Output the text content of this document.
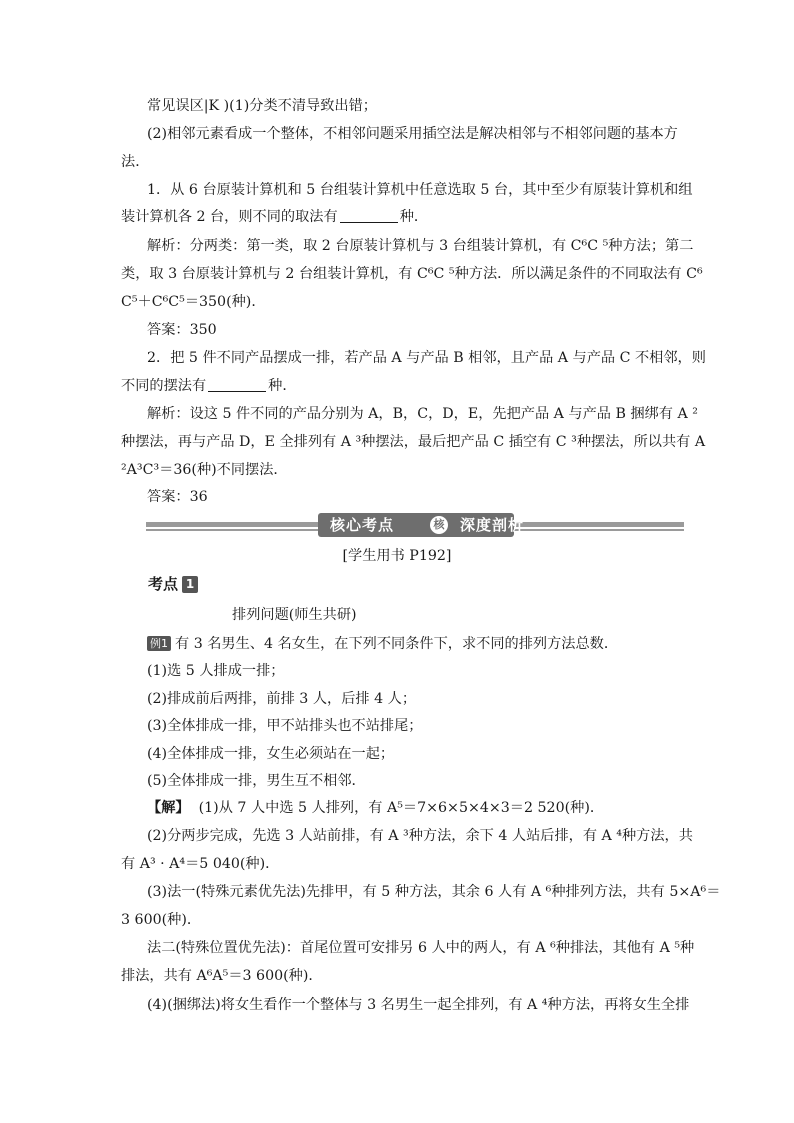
常见误区|K )(1)分类不清导致出错；
(2)相邻元素看成一个整体，不相邻问题采用插空法是解决相邻与不相邻问题的基本方
法．
1．从 6 台原装计算机和 5 台组装计算机中任意选取 5 台，其中至少有原装计算机和组
装计算机各 2 台，则不同的取法有	种．
解析：分两类：第一类，取 2 台原装计算机与 3 台组装计算机，有 C⁶C ⁵种方法；第二
类，取 3 台原装计算机与 2 台组装计算机，有 C⁶C ⁵种方法．所以满足条件的不同取法有 C⁶
C⁵＋C⁶C⁵＝350(种)．
答案：350
2．把 5 件不同产品摆成一排，若产品 A 与产品 B 相邻，且产品 A 与产品 C 不相邻，则
不同的摆法有	种．
解析：设这 5 件不同的产品分别为 A，B，C，D，E，先把产品 A 与产品 B 捆绑有 A ²
种摆法，再与产品 D，E 全排列有 A ³种摆法，最后把产品 C 插空有 C ³种摆法，所以共有 A
²A³C³＝36(种)不同摆法．
答案：36
核心考点	核 深度剖析
[学生用书 P192]
考点 1
排列问题(师生共研)
例1 有 3 名男生、4 名女生，在下列不同条件下，求不同的排列方法总数．
(1)选 5 人排成一排；
(2)排成前后两排，前排 3 人，后排 4 人；
(3)全体排成一排，甲不站排头也不站排尾；
(4)全体排成一排，女生必须站在一起；
(5)全体排成一排，男生互不相邻．
【解】 (1)从 7 人中选 5 人排列，有 A⁵＝7×6×5×4×3＝2 520(种)．
(2)分两步完成，先选 3 人站前排，有 A ³种方法，余下 4 人站后排，有 A ⁴种方法，共
有 A³ · A⁴＝5 040(种)．
(3)法一(特殊元素优先法)先排甲，有 5 种方法，其余 6 人有 A ⁶种排列方法，共有 5×A⁶＝
3 600(种)．
法二(特殊位置优先法)：首尾位置可安排另 6 人中的两人，有 A ⁶种排法，其他有 A ⁵种
排法，共有 A⁶A⁵＝3 600(种)．
(4)(捆绑法)将女生看作一个整体与 3 名男生一起全排列，有 A ⁴种方法，再将女生全排
